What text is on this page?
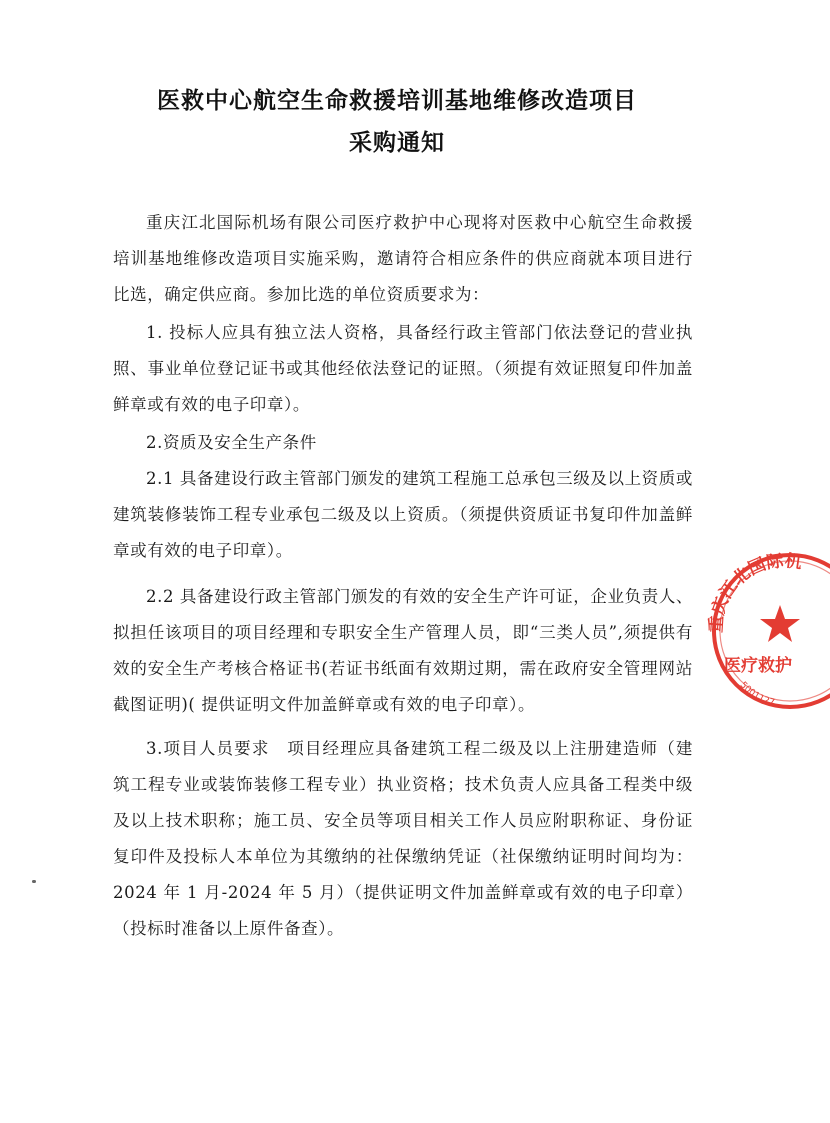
医救中心航空生命救援培训基地维修改造项目
采购通知

重庆江北国际机场有限公司医疗救护中心现将对医救中心航空生命救援培训基地维修改造项目实施采购，邀请符合相应条件的供应商就本项目进行比选，确定供应商。参加比选的单位资质要求为：

1. 投标人应具有独立法人资格，具备经行政主管部门依法登记的营业执照、事业单位登记证书或其他经依法登记的证照。（须提有效证照复印件加盖鲜章或有效的电子印章）。

2.资质及安全生产条件

2.1 具备建设行政主管部门颁发的建筑工程施工总承包三级及以上资质或建筑装修装饰工程专业承包二级及以上资质。（须提供资质证书复印件加盖鲜章或有效的电子印章）。

2.2 具备建设行政主管部门颁发的有效的安全生产许可证，企业负责人、拟担任该项目的项目经理和专职安全生产管理人员，即“三类人员”,须提供有效的安全生产考核合格证书(若证书纸面有效期过期，需在政府安全管理网站截图证明)( 提供证明文件加盖鲜章或有效的电子印章）。

3.项目人员要求　项目经理应具备建筑工程二级及以上注册建造师（建筑工程专业或装饰装修工程专业）执业资格；技术负责人应具备工程类中级及以上技术职称；施工员、安全员等项目相关工作人员应附职称证、身份证复印件及投标人本单位为其缴纳的社保缴纳凭证（社保缴纳证明时间均为：2024 年 1 月-2024 年 5 月）（提供证明文件加盖鲜章或有效的电子印章）（投标时准备以上原件备查）。

重庆江北国际机
医疗救护
5001127
